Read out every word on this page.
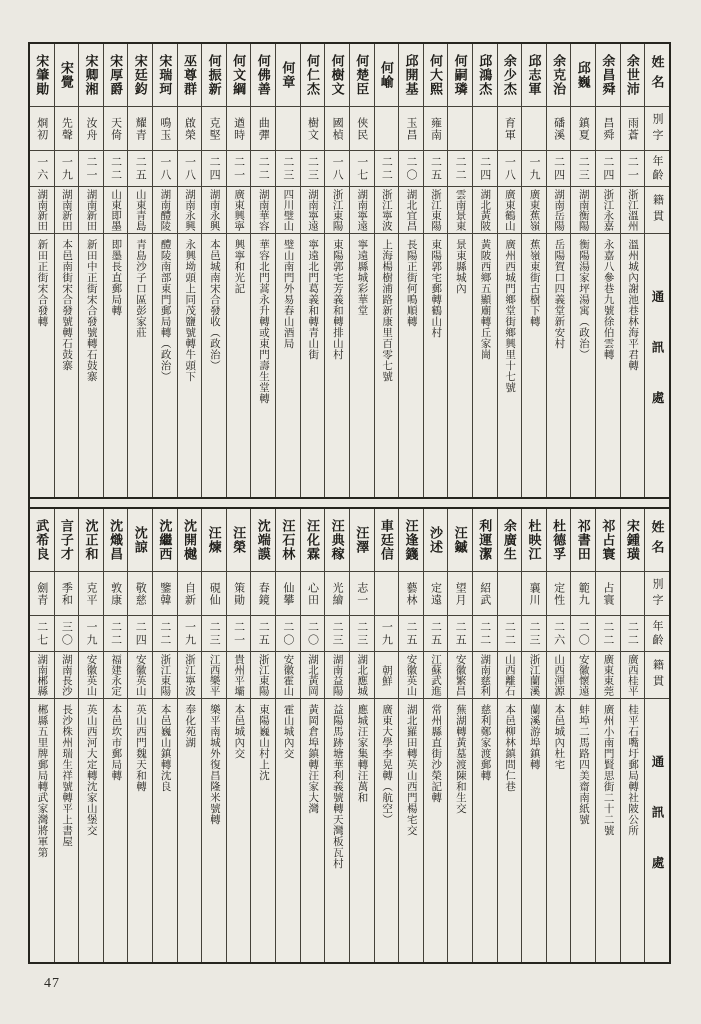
宋肇勛
烱初
一六
湖南新田
新田正街宋合發轉
宋覺
先聲
一九
湖南新田
本邑南街宋合發號轉石鼓寨
宋卿湘
汝舟
二一
湖南新田
新田中正街宋合發號轉石鼓寨
宋厚爵
天倚
二二
山東即墨
即墨長直郵局轉
宋廷鈞
耀青
二五
山東青島
青島沙子口區彭家莊
宋瑞珂
鳴玉
一八
湖南醴陵
醴陵南部東門郵局轉（政治）
巫尊群
啟榮
一八
湖南永興
永興坳頭上同茂鹽號轉牛頭下
何振新
克堅
二四
湖南永興
本邑城南宋合發收（政治）
何文綱
遒時
二一
廣東興寧
興寧和光記
何佛善
曲彈
二二
湖南華容
華容北門蒿永升轉或東門壽生堂轉
何章
二三
四川璧山
璧山南門外易春山酒局
何仁杰
樹文
二三
湖南寧遠
寧遠北門葛義和轉青山街
何樹文
國楨
一八
浙江東陽
東陽郭宅芳義和轉排山村
何楚臣
俠民
一七
湖南寧遠
寧遠縣城彩華堂
何崳
二二
浙江寧波
上海楊樹浦路新康里百零七號
邱開基
玉昌
二〇
湖北宜昌
長陽正街何鳴順轉
何大熙
雍南
二五
浙江東陽
東陽郭宅郵轉鶴山村
何嗣璘
二二
雲南景東
景東縣城內
邱鴻杰
二四
湖北黃陂
黃陂西鄉五顯廟轉丘家崗
余少杰
育軍
一八
廣東鶴山
廣州西城門鄉堂街鄉興里十七號
邱志軍
一九
廣東蕉嶺
蕉嶺東街古樹下轉
余克治
磻溪
二四
湖南岳陽
岳陽賀口四義堂新安村
邱巍
鎮夏
二三
湖南衡陽
衡陽湯家坪湯寓（政治）
余昌舜
昌舜
二四
浙江永嘉
永嘉八參巷九號徐伯雲轉
余世沛
雨蒼
二一
浙江溫州
溫州城內謝池巷林海平君轉
姓名
別字
年齡
籍貫
通訊處
武希良
劍青
二七
湖南郴縣
郴縣五里牌郵局轉武家灣將軍第
言子才
季和
三〇
湖南長沙
長沙株州瑞生祥號轉平上書屋
沈正和
克平
一九
安徽英山
英山西河大定轉沈家山堡交
沈熾昌
敦康
二二
福建永定
本邑坎市郵局轉
沈諒
敬慈
二四
安徽英山
英山西門魏天和轉
沈繼西
鑒韓
二二
浙江東陽
本邑巍山鎮轉沈良
沈開樾
自新
一九
浙江寧波
奉化苑湖
汪煉
硯仙
二三
江西樂平
樂平南城外復昌隆米號轉
汪榮
策勛
二一
貴州平壩
本邑城內交
沈端謨
春鏡
二五
浙江東陽
東陽巍山村上沈
汪石林
仙攀
二〇
安徽霍山
霍山城內交
汪化霖
心田
二〇
湖北黃岡
黃岡倉埠鎮轉汪家大灣
汪典稼
光繪
二三
湖南益陽
益陽馬跡塘華利義號轉天灣板瓦村
汪澤
志一
二三
湖北應城
應城汪家集轉汪萬和
車廷信
一九
朝鮮
廣東大學李晃轉（航空）
汪逢籛
藝林
二五
安徽英山
湖北羅田轉英山西門楊宅交
沙述
定遠
二五
江蘇武進
常州縣直街沙榮記轉
汪鏚
望月
二五
安徽繁昌
蕪湖轉黃墓渡陳和生交
利運潔
紹武
二二
湖南慈利
慈利鄭家渡郵轉
余廣生
二二
山西離石
本邑柳林鎮問仁巷
杜映江
襄川
二三
浙江蘭溪
蘭溪游埠鎮轉
杜德孚
定性
二六
山西渾源
本邑城內杜宅
祁書田
範九
二〇
安徽懷遠
蚌埠二馬路四美齋南紙號
祁占寰
占寰
二二
廣東東莞
廣州小南門賢思街二十二號
宋鍾璜
二二
廣西桂平
桂平石嘴圩郵局轉社陂公所
姓名
別字
年齡
籍貫
通訊處
47
